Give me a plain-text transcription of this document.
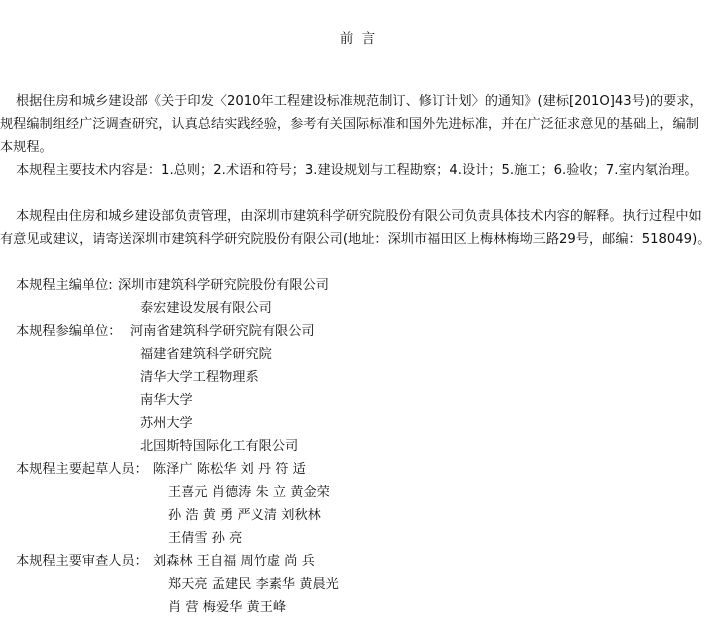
前 言

根据住房和城乡建设部《关于印发〈2010年工程建设标准规范制订、修订计划〉的通知》(建标[201O]43号)的要求，规程编制组经广泛调查研究，认真总结实践经验，参考有关国际标准和国外先进标准，并在广泛征求意见的基础上，编制本规程。

本规程主要技术内容是：1.总则；2.术语和符号；3.建设规划与工程勘察；4.设计；5.施工；6.验收；7.室内氡治理。

本规程由住房和城乡建设部负责管理，由深圳市建筑科学研究院股份有限公司负责具体技术内容的解释。执行过程中如有意见或建议，请寄送深圳市建筑科学研究院股份有限公司(地址：深圳市福田区上梅林梅坳三路29号，邮编：518049)。

本规程主编单位: 深圳市建筑科学研究院股份有限公司
泰宏建设发展有限公司
本规程参编单位： 河南省建筑科学研究院有限公司
福建省建筑科学研究院
清华大学工程物理系
南华大学
苏州大学
北国斯特国际化工有限公司
本规程主要起草人员： 陈泽广 陈松华 刘 丹 符 适
王喜元 肖德涛 朱 立 黄金荣
孙 浩 黄 勇 严义清 刘秋林
王倩雪 孙 亮
本规程主要审查人员： 刘森林 王自福 周竹虚 尚 兵
郑天亮 孟建民 李素华 黄晨光
肖 营 梅爱华 黄王峰
